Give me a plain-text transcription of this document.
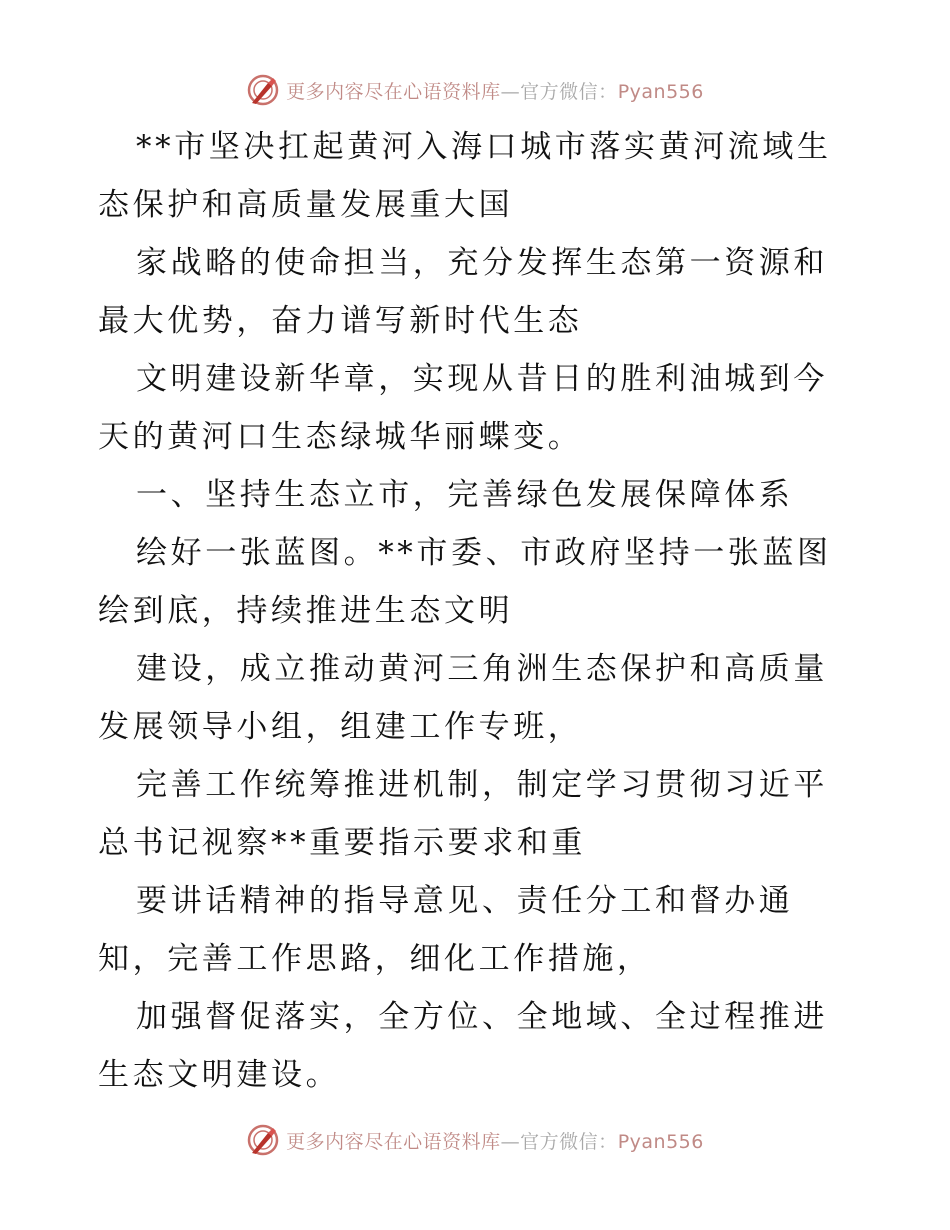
更多内容尽在心语资料库—官方微信：Pyan556

**市坚决扛起黄河入海口城市落实黄河流域生态保护和高质量发展重大国

家战略的使命担当，充分发挥生态第一资源和最大优势，奋力谱写新时代生态

文明建设新华章，实现从昔日的胜利油城到今天的黄河口生态绿城华丽蝶变。

一、坚持生态立市，完善绿色发展保障体系

绘好一张蓝图。**市委、市政府坚持一张蓝图绘到底，持续推进生态文明

建设，成立推动黄河三角洲生态保护和高质量发展领导小组，组建工作专班，

完善工作统筹推进机制，制定学习贯彻习近平总书记视察**重要指示要求和重

要讲话精神的指导意见、责任分工和督办通知，完善工作思路，细化工作措施，

加强督促落实，全方位、全地域、全过程推进生态文明建设。

更多内容尽在心语资料库—官方微信：Pyan556
